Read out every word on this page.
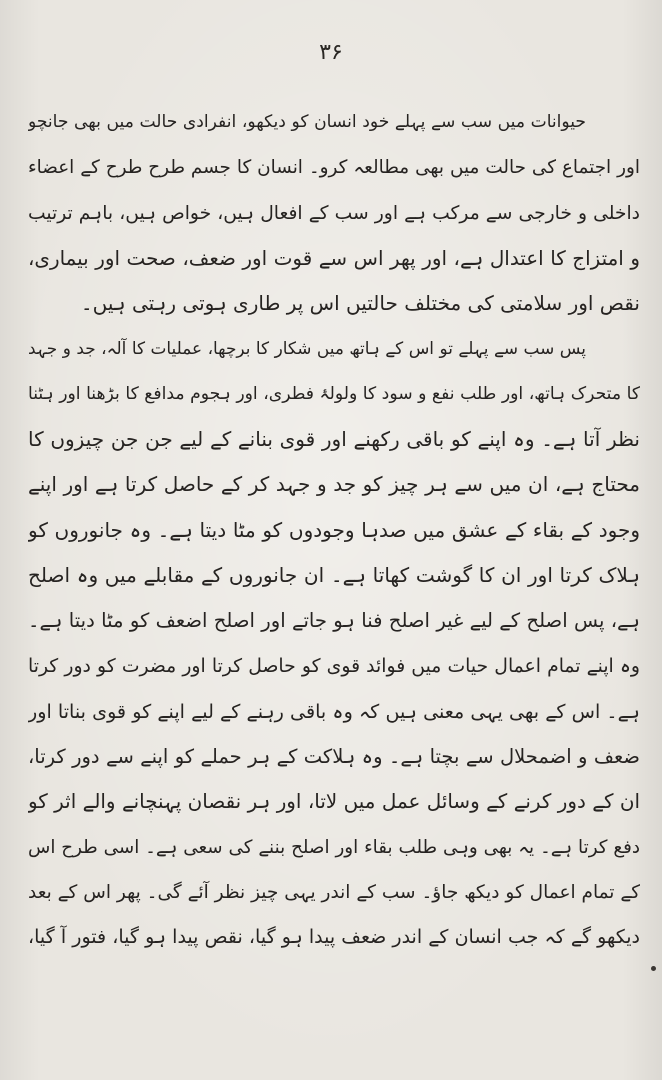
۳۶
حیوانات میں سب سے پہلے خود انسان کو دیکھو، انفرادی حالت میں بھی جانچو
اور اجتماع کی حالت میں بھی مطالعہ کرو۔ انسان کا جسم طرح طرح کے اعضاء
داخلی و خارجی سے مرکب ہے اور سب کے افعال ہیں، خواص ہیں، باہم ترتیب
و امتزاج کا اعتدال ہے، اور پھر اس سے قوت اور ضعف، صحت اور بیماری،
نقص اور سلامتی کی مختلف حالتیں اس پر طاری ہوتی رہتی ہیں۔
پس سب سے پہلے تو اس کے ہاتھ میں شکار کا برچھا، عملیات کا آلہ، جد و جہد
کا متحرک ہاتھ، اور طلب نفع و سود کا ولولۂ فطری، اور ہجوم مدافع کا بڑھنا اور ہٹنا
نظر آتا ہے۔ وہ اپنے کو باقی رکھنے اور قوی بنانے کے لیے جن جن چیزوں کا
محتاج ہے، ان میں سے ہر چیز کو جد و جہد کر کے حاصل کرتا ہے اور اپنے
وجود کے بقاء کے عشق میں صدہا وجودوں کو مٹا دیتا ہے۔ وہ جانوروں کو
ہلاک کرتا اور ان کا گوشت کھاتا ہے۔ ان جانوروں کے مقابلے میں وہ اصلح
ہے، پس اصلح کے لیے غیر اصلح فنا ہو جاتے اور اصلح اضعف کو مٹا دیتا ہے۔
وہ اپنے تمام اعمال حیات میں فوائد قوی کو حاصل کرتا اور مضرت کو دور کرتا
ہے۔ اس کے بھی یہی معنی ہیں کہ وہ باقی رہنے کے لیے اپنے کو قوی بناتا اور
ضعف و اضمحلال سے بچتا ہے۔ وہ ہلاکت کے ہر حملے کو اپنے سے دور کرتا،
ان کے دور کرنے کے وسائل عمل میں لاتا، اور ہر نقصان پہنچانے والے اثر کو
دفع کرتا ہے۔ یہ بھی وہی طلب بقاء اور اصلح بننے کی سعی ہے۔ اسی طرح اس
کے تمام اعمال کو دیکھ جاؤ۔ سب کے اندر یہی چیز نظر آئے گی۔ پھر اس کے بعد
دیکھو گے کہ جب انسان کے اندر ضعف پیدا ہو گیا، نقص پیدا ہو گیا، فتور آ گیا،
